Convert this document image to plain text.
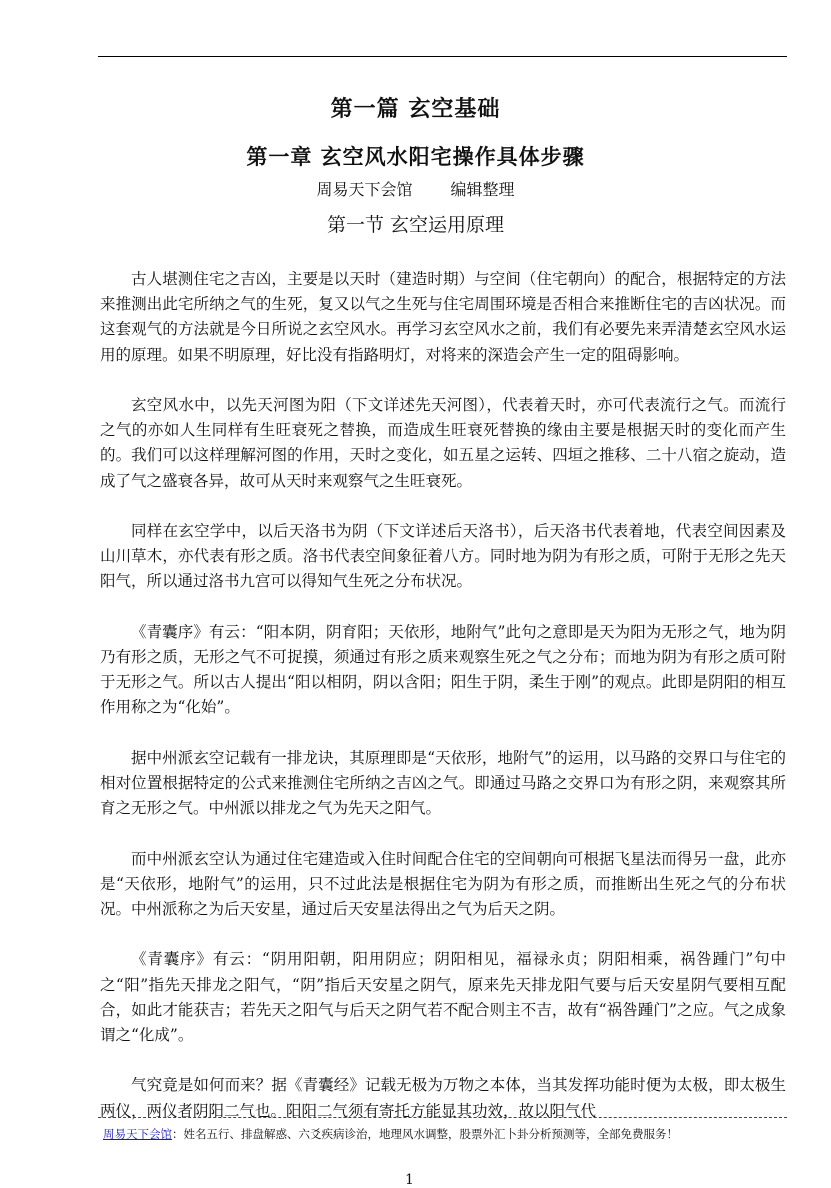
第一篇 玄空基础
第一章 玄空风水阳宅操作具体步骤
周易天下会馆 编辑整理
第一节 玄空运用原理

古人堪测住宅之吉凶，主要是以天时（建造时期）与空间（住宅朝向）的配合，根据特定的方法来推测出此宅所纳之气的生死，复又以气之生死与住宅周围环境是否相合来推断住宅的吉凶状况。而这套观气的方法就是今日所说之玄空风水。再学习玄空风水之前，我们有必要先来弄清楚玄空风水运用的原理。如果不明原理，好比没有指路明灯，对将来的深造会产生一定的阻碍影响。

玄空风水中，以先天河图为阳（下文详述先天河图），代表着天时，亦可代表流行之气。而流行之气的亦如人生同样有生旺衰死之替换，而造成生旺衰死替换的缘由主要是根据天时的变化而产生的。我们可以这样理解河图的作用，天时之变化，如五星之运转、四垣之推移、二十八宿之旋动，造成了气之盛衰各异，故可从天时来观察气之生旺衰死。

同样在玄空学中，以后天洛书为阴（下文详述后天洛书），后天洛书代表着地，代表空间因素及山川草木，亦代表有形之质。洛书代表空间象征着八方。同时地为阴为有形之质，可附于无形之先天阳气，所以通过洛书九宫可以得知气生死之分布状况。

《青囊序》有云：“阳本阴，阴育阳；天依形，地附气”此句之意即是天为阳为无形之气，地为阴乃有形之质，无形之气不可捉摸，须通过有形之质来观察生死之气之分布；而地为阴为有形之质可附于无形之气。所以古人提出“阳以相阴，阴以含阳；阳生于阴，柔生于刚”的观点。此即是阴阳的相互作用称之为“化始”。

据中州派玄空记载有一排龙诀，其原理即是“天依形，地附气”的运用，以马路的交界口与住宅的相对位置根据特定的公式来推测住宅所纳之吉凶之气。即通过马路之交界口为有形之阴，来观察其所育之无形之气。中州派以排龙之气为先天之阳气。

而中州派玄空认为通过住宅建造或入住时间配合住宅的空间朝向可根据飞星法而得另一盘，此亦是“天依形，地附气”的运用，只不过此法是根据住宅为阴为有形之质，而推断出生死之气的分布状况。中州派称之为后天安星，通过后天安星法得出之气为后天之阴。

《青囊序》有云：“阴用阳朝，阳用阴应；阴阳相见，福禄永贞；阴阳相乘，祸咎踵门”句中之“阳”指先天排龙之阳气，“阴”指后天安星之阴气，原来先天排龙阳气要与后天安星阴气要相互配合，如此才能获吉；若先天之阳气与后天之阴气若不配合则主不吉，故有“祸咎踵门”之应。气之成象谓之“化成”。

气究竟是如何而来？据《青囊经》记载无极为万物之本体，当其发挥功能时便为太极，即太极生两仪，两仪者阴阳二气也。阳阳二气须有寄托方能显其功效，故以阳气代

周易天下会馆：姓名五行、排盘解惑、六爻疾病诊治，地理风水调整，股票外汇卜卦分析预测等，全部免费服务！
1
